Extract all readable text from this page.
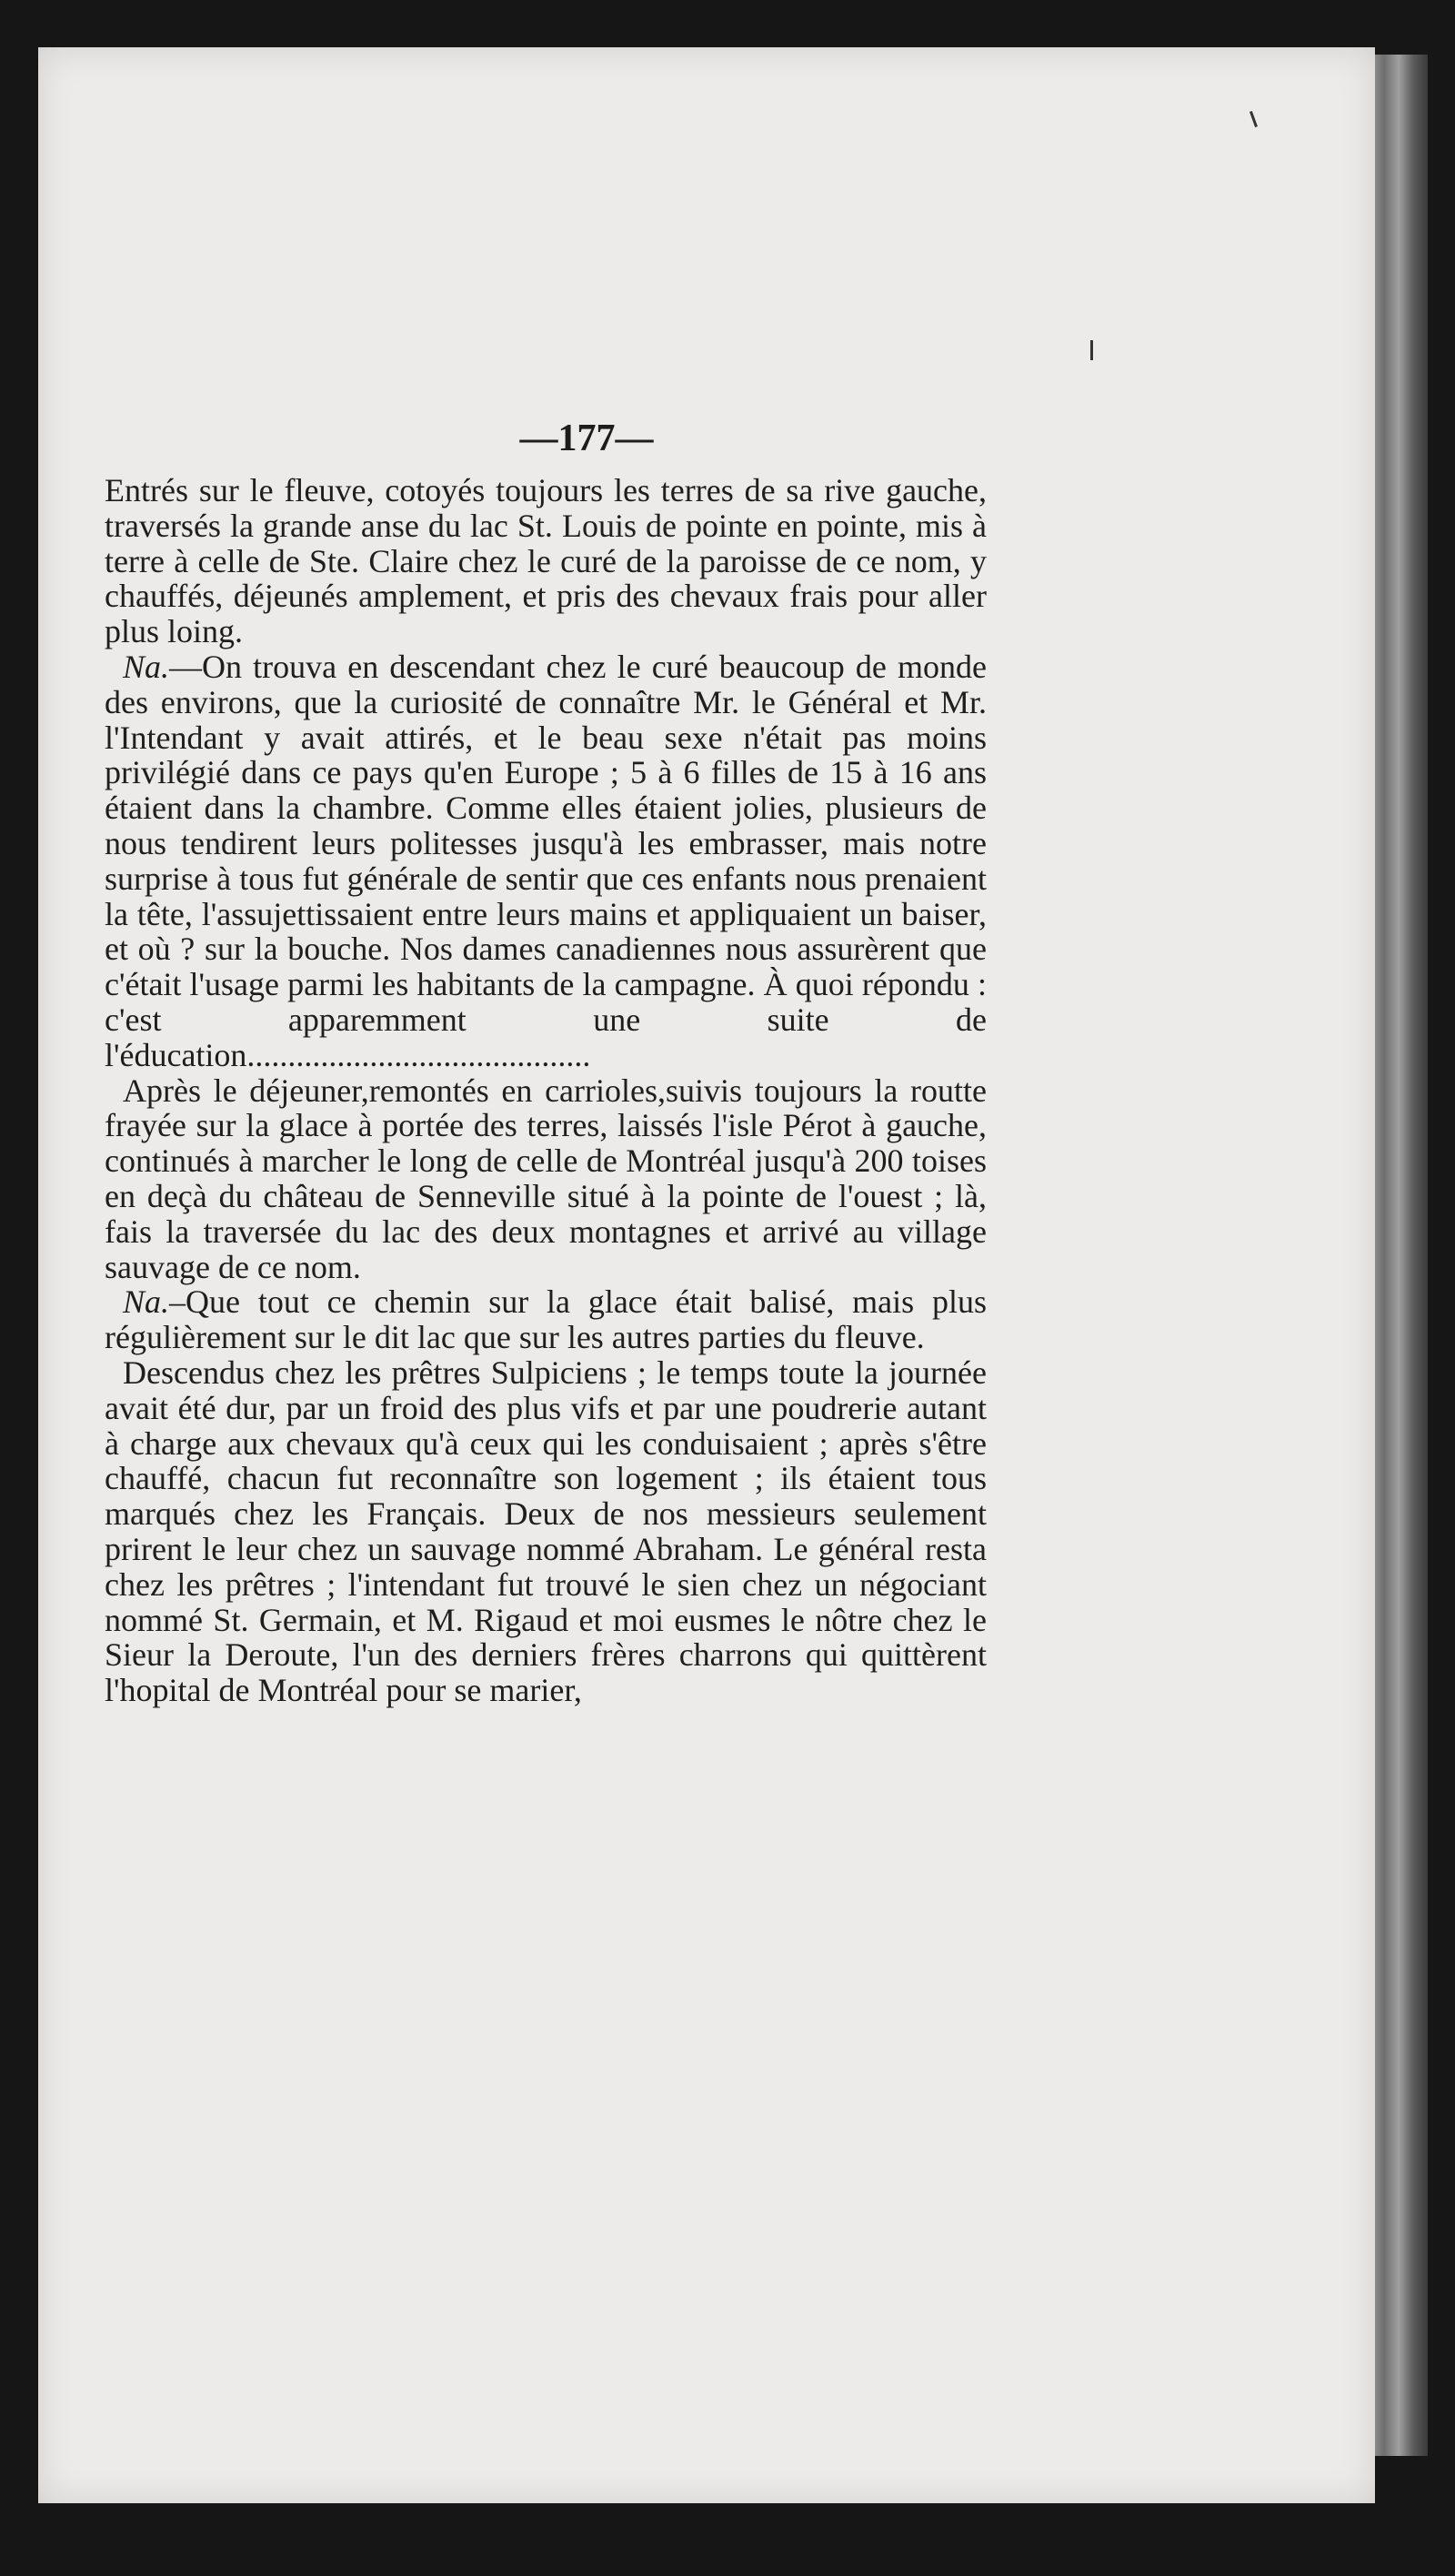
—177—

Entrés sur le fleuve, cotoyés toujours les terres de sa rive gauche, traversés la grande anse du lac St. Louis de pointe en pointe, mis à terre à celle de Ste. Claire chez le curé de la paroisse de ce nom, y chauffés, déjeunés amplement, et pris des chevaux frais pour aller plus loing.

Na.—On trouva en descendant chez le curé beaucoup de monde des environs, que la curiosité de connaître Mr. le Général et Mr. l'Intendant y avait attirés, et le beau sexe n'était pas moins privilégié dans ce pays qu'en Europe ; 5 à 6 filles de 15 à 16 ans étaient dans la chambre. Comme elles étaient jolies, plusieurs de nous tendirent leurs politesses jusqu'à les embrasser, mais notre surprise à tous fut générale de sentir que ces enfants nous prenaient la tête, l'assujettissaient entre leurs mains et appliquaient un baiser, et où ? sur la bouche. Nos dames canadiennes nous assurèrent que c'était l'usage parmi les habitants de la campagne. À quoi répondu : c'est apparemment une suite de l'éducation..........................................

Après le déjeuner,remontés en carrioles,suivis toujours la routte frayée sur la glace à portée des terres, laissés l'isle Pérot à gauche, continués à marcher le long de celle de Montréal jusqu'à 200 toises en deçà du château de Senneville situé à la pointe de l'ouest ; là, fais la traversée du lac des deux montagnes et arrivé au village sauvage de ce nom.

Na.–Que tout ce chemin sur la glace était balisé, mais plus régulièrement sur le dit lac que sur les autres parties du fleuve.

Descendus chez les prêtres Sulpiciens ; le temps toute la journée avait été dur, par un froid des plus vifs et par une poudrerie autant à charge aux chevaux qu'à ceux qui les conduisaient ; après s'être chauffé, chacun fut reconnaître son logement ; ils étaient tous marqués chez les Français. Deux de nos messieurs seulement prirent le leur chez un sauvage nommé Abraham. Le général resta chez les prêtres ; l'intendant fut trouvé le sien chez un négociant nommé St. Germain, et M. Rigaud et moi eusmes le nôtre chez le Sieur la Deroute, l'un des derniers frères charrons qui quittèrent l'hopital de Montréal pour se marier,
